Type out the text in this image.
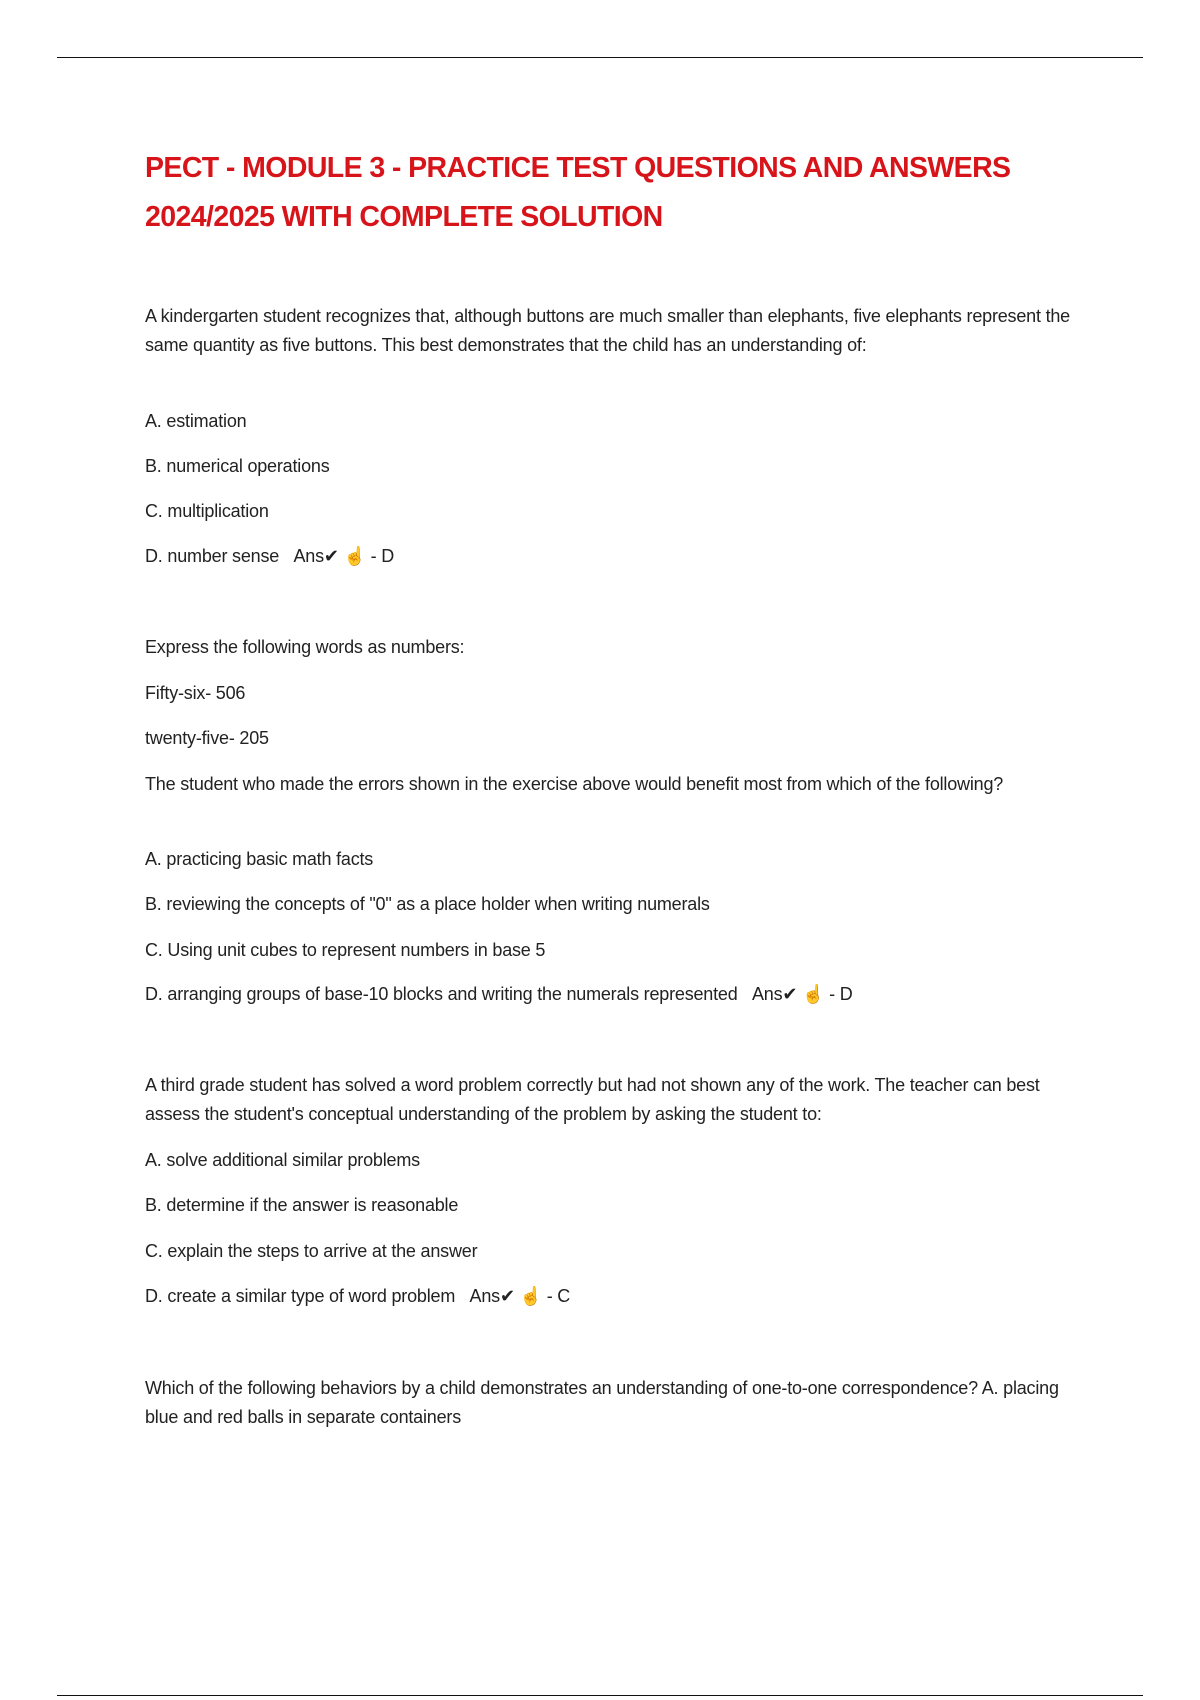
PECT - MODULE 3 - PRACTICE TEST QUESTIONS AND ANSWERS 2024/2025 WITH COMPLETE SOLUTION

A kindergarten student recognizes that, although buttons are much smaller than elephants, five elephants represent the same quantity as five buttons. This best demonstrates that the child has an understanding of:

A. estimation

B. numerical operations

C. multiplication

D. number sense Ans✔ ☝ - D

Express the following words as numbers:

Fifty-six- 506

twenty-five- 205

The student who made the errors shown in the exercise above would benefit most from which of the following?

A. practicing basic math facts

B. reviewing the concepts of "0" as a place holder when writing numerals

C. Using unit cubes to represent numbers in base 5

D. arranging groups of base-10 blocks and writing the numerals represented Ans✔ ☝ - D

A third grade student has solved a word problem correctly but had not shown any of the work. The teacher can best assess the student's conceptual understanding of the problem by asking the student to:

A. solve additional similar problems

B. determine if the answer is reasonable

C. explain the steps to arrive at the answer

D. create a similar type of word problem Ans✔ ☝ - C

Which of the following behaviors by a child demonstrates an understanding of one-to-one correspondence? A. placing blue and red balls in separate containers
